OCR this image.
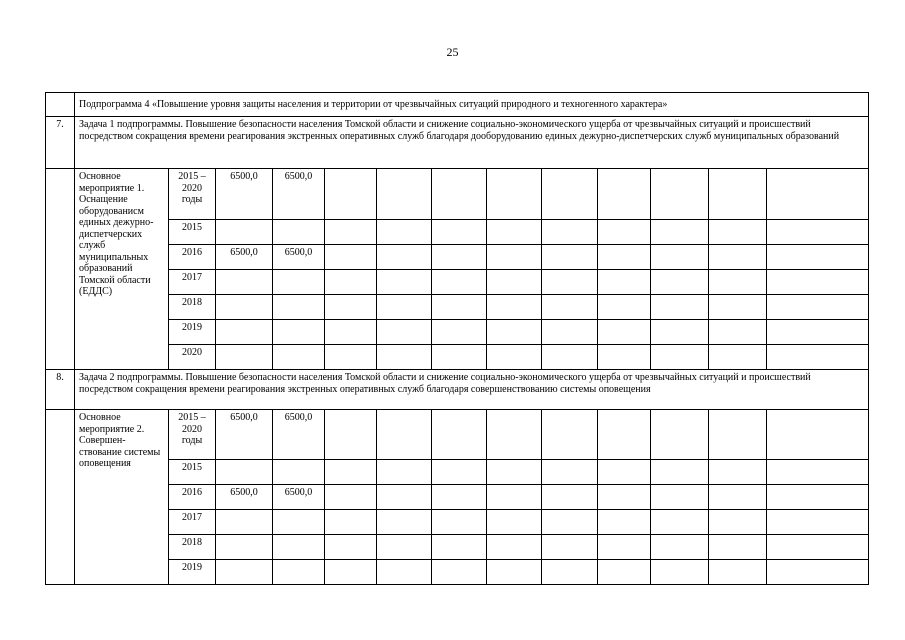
25
	Подпрограмма 4 «Повышение уровня защиты населения и территории от чрезвычайных ситуаций природного и техногенного характера»												
7.	Задача 1 подпрограммы. Повышение безопасности населения Томской области и снижение социально-экономического ущерба от чрезвычайных ситуаций и происшествий посредством сокращения времени реагирования экстренных оперативных служб благодаря дооборудованию единых дежурно-диспетчерских служб муниципальных образований												
	Основное мероприятие 1. Оснащение оборудованисм единых дежурно-диспетчерских служб муниципальных образований Томской области (ЕДДС)	2015 – 2020 годы	6500,0	6500,0									
		2015											
		2016	6500,0	6500,0									
		2017											
		2018											
		2019											
		2020											
8.	Задача 2 подпрограммы. Повышение безопасности населения Томской области и снижение социально-экономического ущерба от чрезвычайных ситуаций и происшествий посредством сокращения времени реагирования экстренных оперативных служб благодаря совершенствованию системы оповещения												
	Основное мероприятие 2. Совершен-ствование системы оповещения	2015 – 2020 годы	6500,0	6500,0									
		2015											
		2016	6500,0	6500,0									
		2017											
		2018											
		2019											
